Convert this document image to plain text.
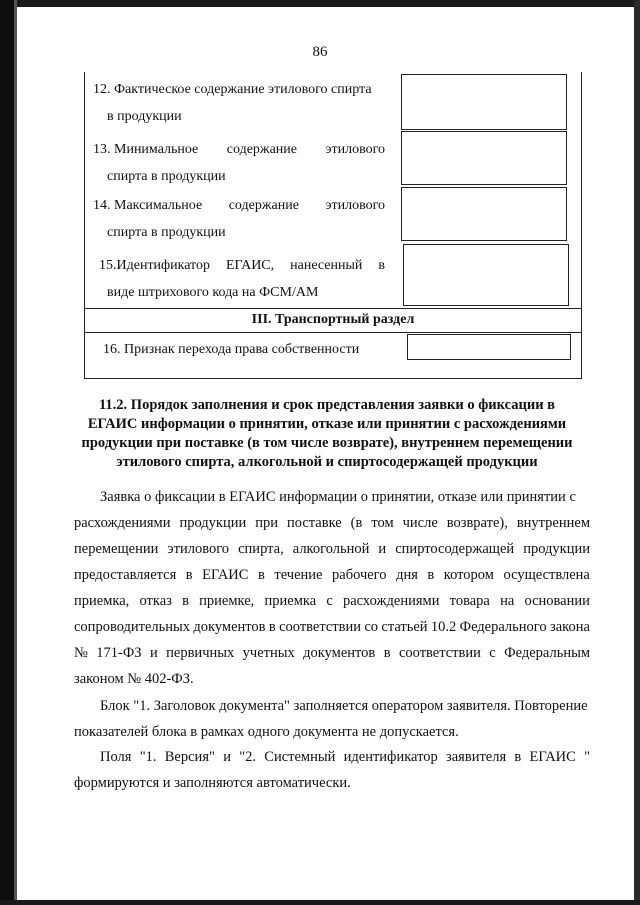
86
12. Фактическое содержание этилового спирта
в продукции
13. Минимальное содержание этилового
спирта в продукции
14. Максимальное содержание этилового
спирта в продукции
15.Идентификатор ЕГАИС, нанесенный в
виде штрихового кода на ФСМ/АМ
III. Транспортный раздел
16. Признак перехода права собственности
11.2. Порядок заполнения и срок представления заявки о фиксации в
ЕГАИС информации о принятии, отказе или принятии с расхождениями
продукции при поставке (в том числе возврате), внутреннем перемещении
этилового спирта, алкогольной и спиртосодержащей продукции
Заявка о фиксации в ЕГАИС информации о принятии, отказе или принятии с
расхождениями продукции при поставке (в том числе возврате), внутреннем
перемещении этилового спирта, алкогольной и спиртосодержащей продукции
предоставляется в ЕГАИС в течение рабочего дня в котором осуществлена
приемка, отказ в приемке, приемка с расхождениями товара на основании
сопроводительных документов в соответствии со статьей 10.2 Федерального закона
№ 171-ФЗ и первичных учетных документов в соответствии с Федеральным
законом № 402-ФЗ.
Блок "1. Заголовок документа" заполняется оператором заявителя. Повторение
показателей блока в рамках одного документа не допускается.
Поля "1. Версия" и "2. Системный идентификатор заявителя в ЕГАИС "
формируются и заполняются автоматически.
